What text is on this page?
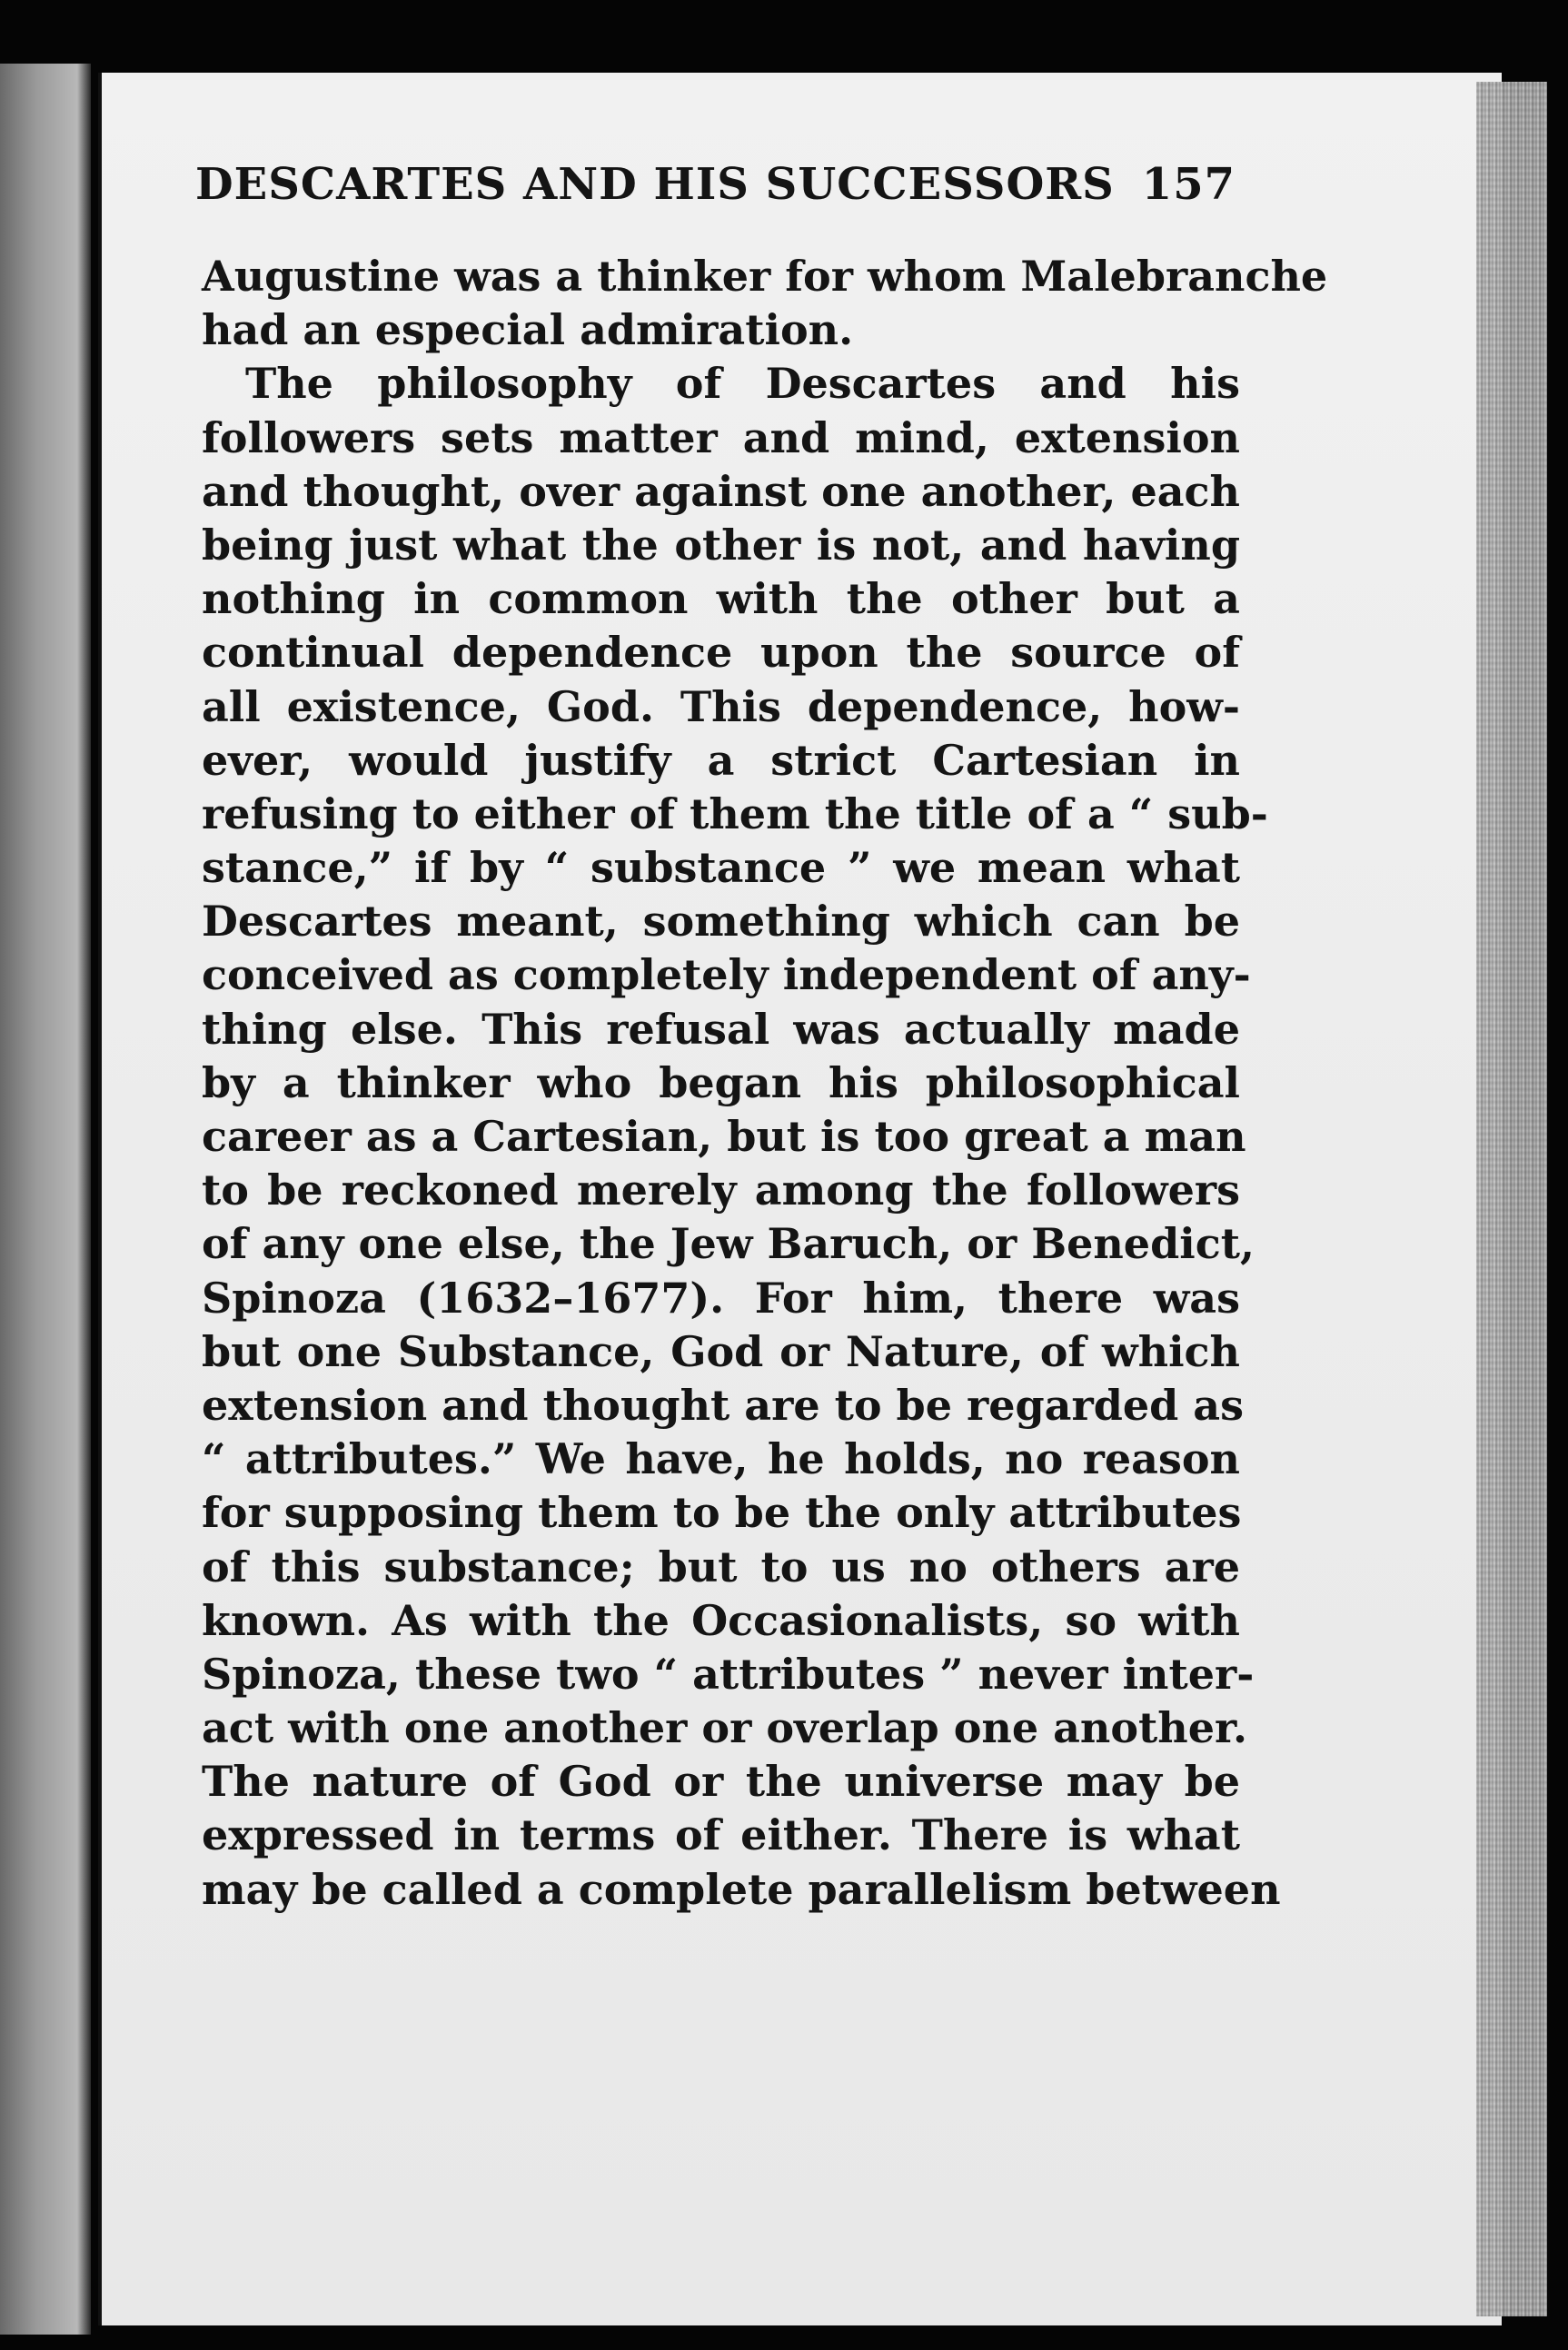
DESCARTES AND HIS SUCCESSORS 157
Augustine was a thinker for whom Malebranche
had an especial admiration.
The philosophy of Descartes and his
followers sets matter and mind, extension
and thought, over against one another, each
being just what the other is not, and having
nothing in common with the other but a
continual dependence upon the source of
all existence, God. This dependence, how-
ever, would justify a strict Cartesian in
refusing to either of them the title of a “ sub-
stance,” if by “ substance ” we mean what
Descartes meant, something which can be
conceived as completely independent of any-
thing else. This refusal was actually made
by a thinker who began his philosophical
career as a Cartesian, but is too great a man
to be reckoned merely among the followers
of any one else, the Jew Baruch, or Benedict,
Spinoza (1632–1677). For him, there was
but one Substance, God or Nature, of which
extension and thought are to be regarded as
“ attributes.” We have, he holds, no reason
for supposing them to be the only attributes
of this substance; but to us no others are
known. As with the Occasionalists, so with
Spinoza, these two “ attributes ” never inter-
act with one another or overlap one another.
The nature of God or the universe may be
expressed in terms of either. There is what
may be called a complete parallelism between
